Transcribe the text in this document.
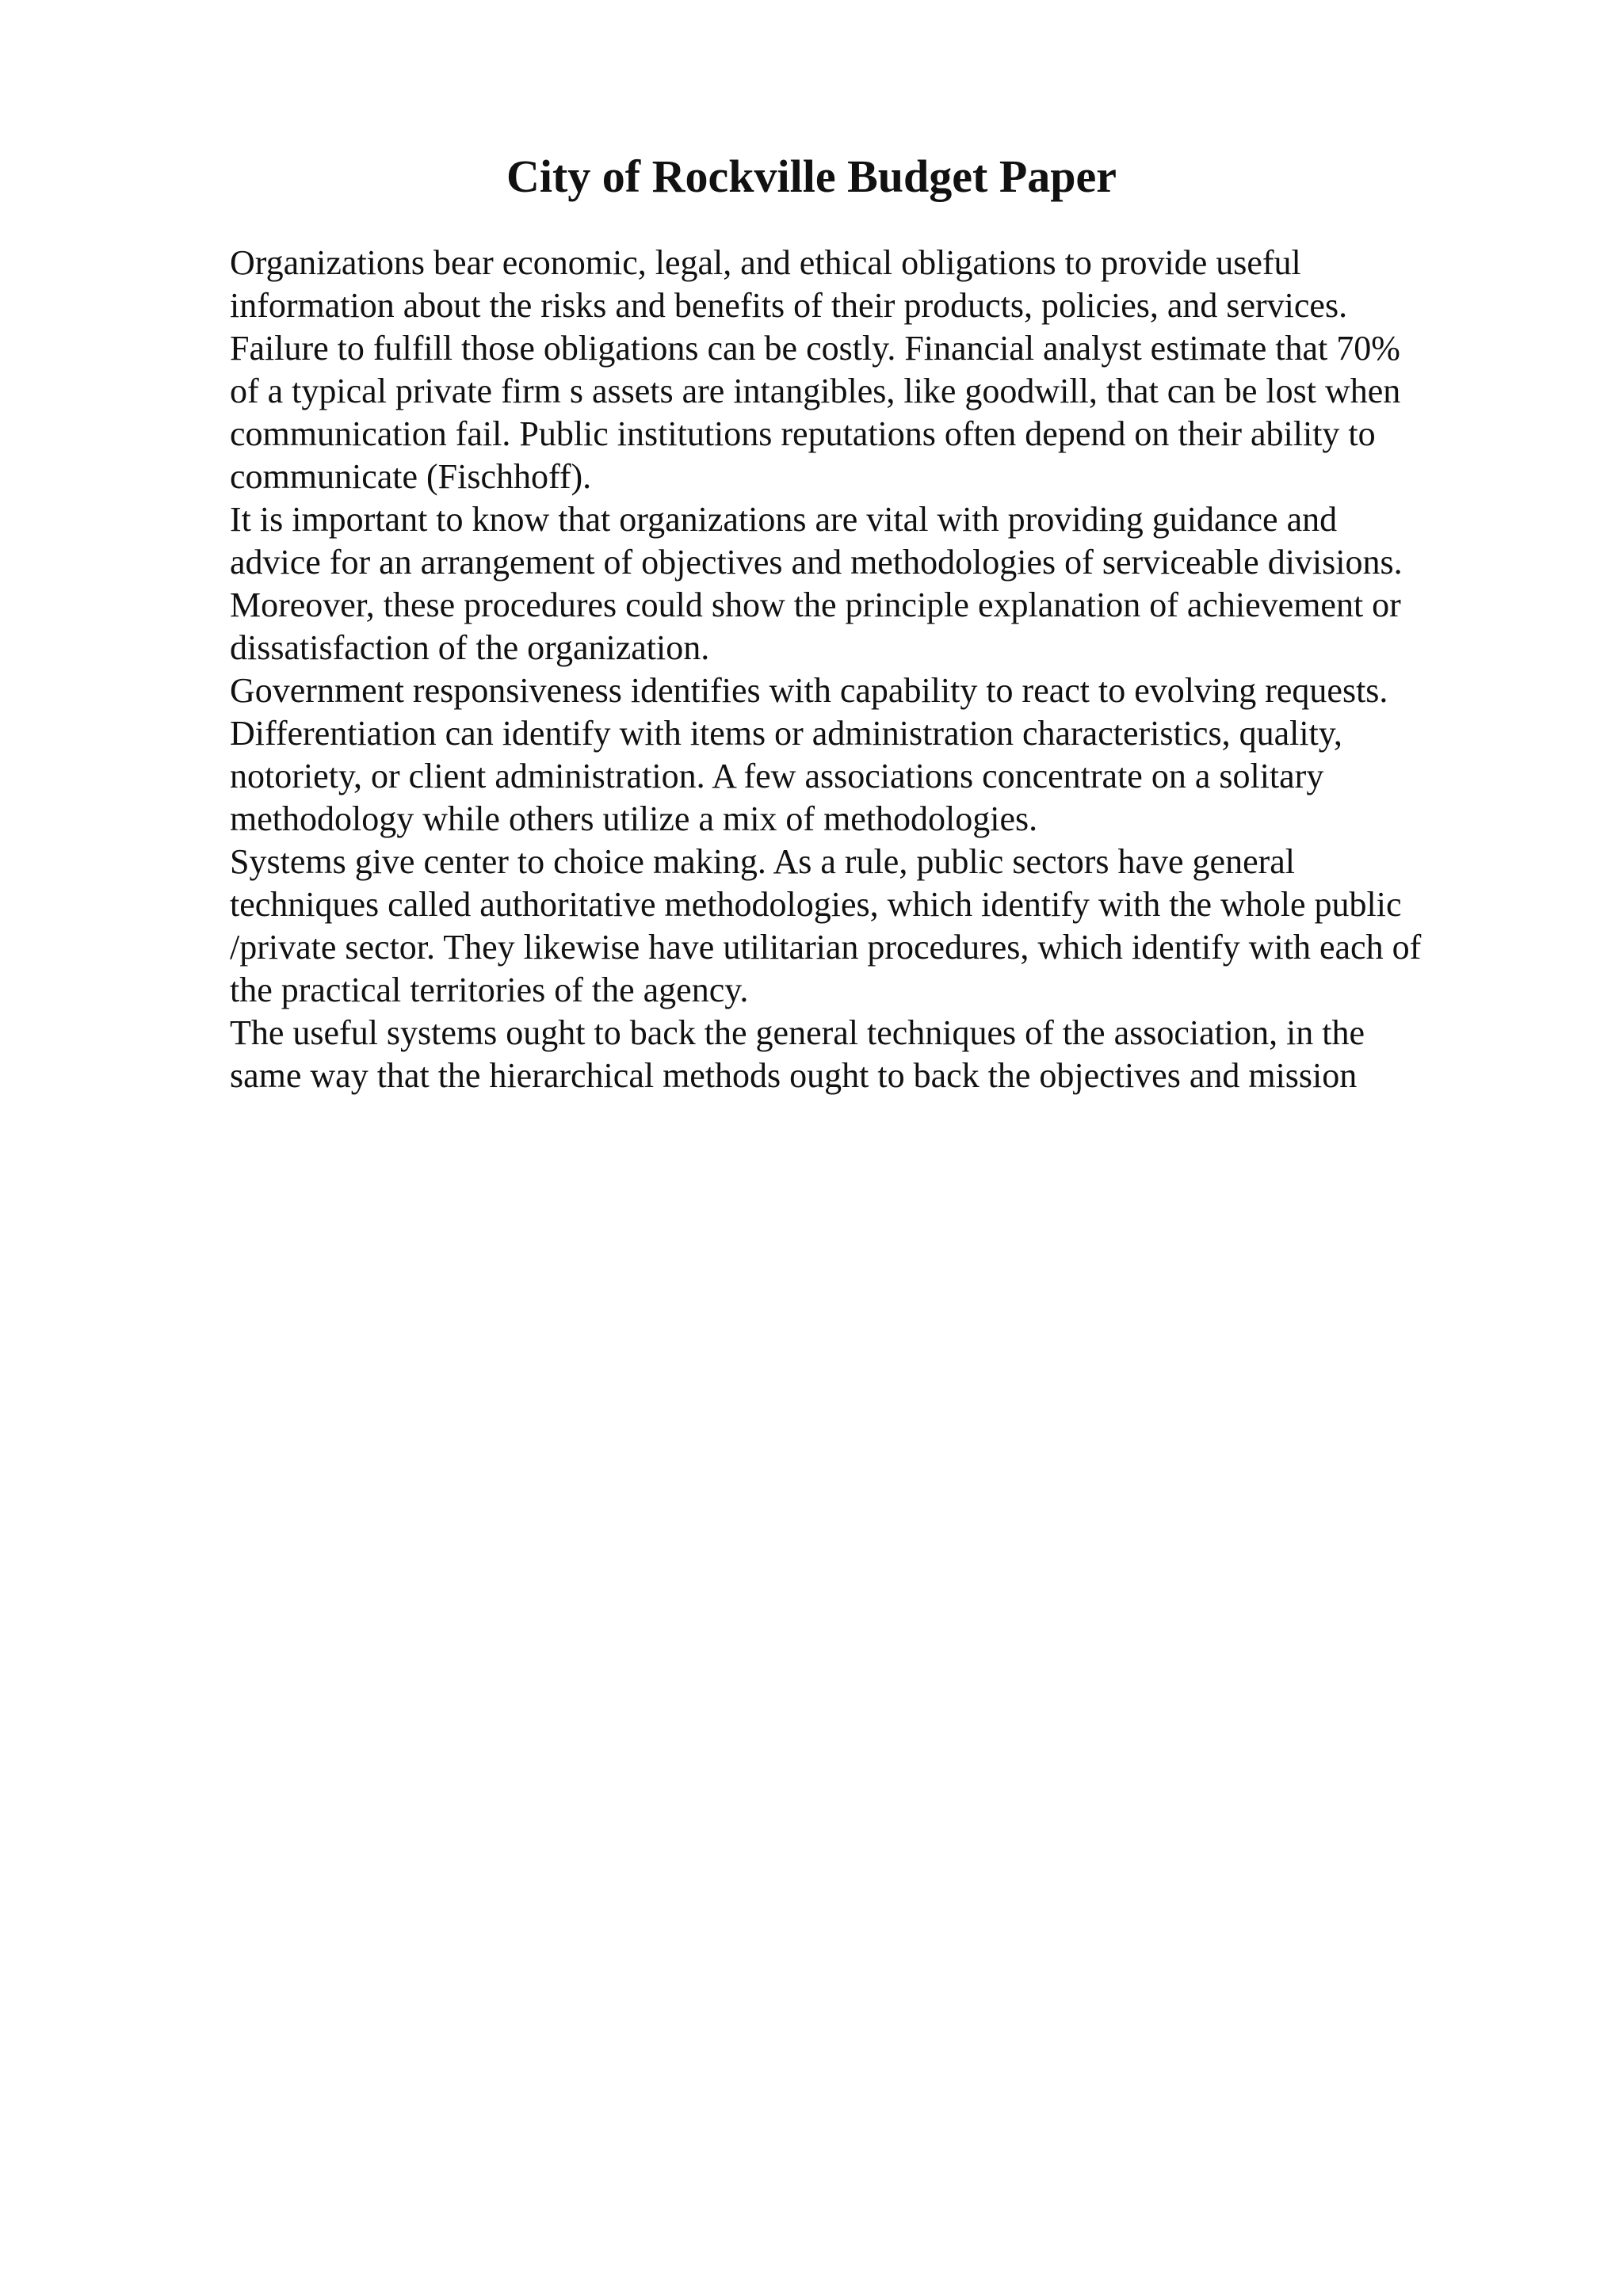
City of Rockville Budget Paper
Organizations bear economic, legal, and ethical obligations to provide useful
information about the risks and benefits of their products, policies, and services.
Failure to fulfill those obligations can be costly. Financial analyst estimate that 70%
of a typical private firm s assets are intangibles, like goodwill, that can be lost when
communication fail. Public institutions reputations often depend on their ability to
communicate (Fischhoff).
It is important to know that organizations are vital with providing guidance and
advice for an arrangement of objectives and methodologies of serviceable divisions.
Moreover, these procedures could show the principle explanation of achievement or
dissatisfaction of the organization.
Government responsiveness identifies with capability to react to evolving requests.
Differentiation can identify with items or administration characteristics, quality,
notoriety, or client administration. A few associations concentrate on a solitary
methodology while others utilize a mix of methodologies.
Systems give center to choice making. As a rule, public sectors have general
techniques called authoritative methodologies, which identify with the whole public
/private sector. They likewise have utilitarian procedures, which identify with each of
the practical territories of the agency.
The useful systems ought to back the general techniques of the association, in the
same way that the hierarchical methods ought to back the objectives and mission
